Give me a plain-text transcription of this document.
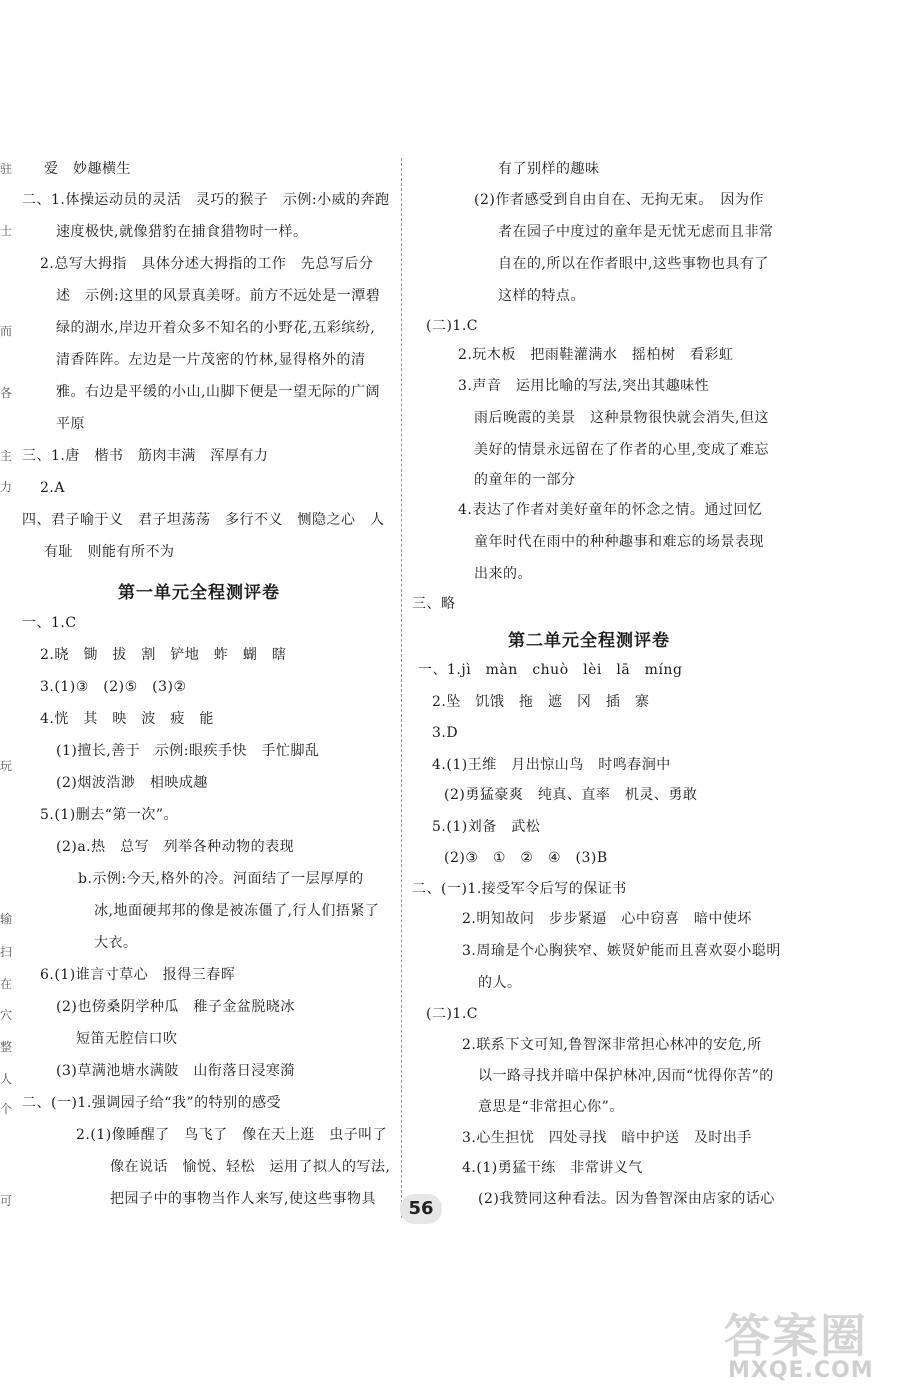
驻
士
而
各
主
力
玩
输
扫
在
穴
整
人
个
可
爱　妙趣横生
二、1.体操运动员的灵活　灵巧的猴子　示例:小威的奔跑
速度极快,就像猎豹在捕食猎物时一样。
2.总写大拇指　具体分述大拇指的工作　先总写后分
述　示例:这里的风景真美呀。前方不远处是一潭碧
绿的湖水,岸边开着众多不知名的小野花,五彩缤纷,
清香阵阵。左边是一片茂密的竹林,显得格外的清
雅。右边是平缓的小山,山脚下便是一望无际的广阔
平原
三、1.唐　楷书　筋肉丰满　浑厚有力
2.A
四、君子喻于义　君子坦荡荡　多行不义　恻隐之心　人
有耻　则能有所不为
第一单元全程测评卷
一、1.C
2.晓　锄　拔　割　铲地　蚱　蝴　瞎
3.(1)③　(2)⑤　(3)②
4.恍　其　映　波　疲　能
(1)擅长,善于　示例:眼疾手快　手忙脚乱
(2)烟波浩渺　相映成趣
5.(1)删去“第一次”。
(2)a.热　总写　列举各种动物的表现
b.示例:今天,格外的冷。河面结了一层厚厚的
冰,地面硬邦邦的像是被冻僵了,行人们捂紧了
大衣。
6.(1)谁言寸草心　报得三春晖
(2)也傍桑阴学种瓜　稚子金盆脱晓冰
短笛无腔信口吹
(3)草满池塘水满陂　山衔落日浸寒漪
二、(一)1.强调园子给“我”的特别的感受
2.(1)像睡醒了　鸟飞了　像在天上逛　虫子叫了
像在说话　愉悦、轻松　运用了拟人的写法,
把园子中的事物当作人来写,使这些事物具
有了别样的趣味
(2)作者感受到自由自在、无拘无束。　因为作
者在园子中度过的童年是无忧无虑而且非常
自在的,所以在作者眼中,这些事物也具有了
这样的特点。
(二)1.C
2.玩木板　把雨鞋灌满水　摇柏树　看彩虹
3.声音　运用比喻的写法,突出其趣味性
雨后晚霞的美景　这种景物很快就会消失,但这
美好的情景永远留在了作者的心里,变成了难忘
的童年的一部分
4.表达了作者对美好童年的怀念之情。通过回忆
童年时代在雨中的种种趣事和难忘的场景表现
出来的。
三、略
第二单元全程测评卷
一、1.jì　màn　chuò　lèi　lā　míng
2.坠　饥饿　拖　遮　冈　插　寨
3.D
4.(1)王维　月出惊山鸟　时鸣春涧中
(2)勇猛豪爽　纯真、直率　机灵、勇敢
5.(1)刘备　武松
(2)③　①　②　④　(3)B
二、(一)1.接受军令后写的保证书
2.明知故问　步步紧逼　心中窃喜　暗中使坏
3.周瑜是个心胸狭窄、嫉贤妒能而且喜欢耍小聪明
的人。
(二)1.C
2.联系下文可知,鲁智深非常担心林冲的安危,所
以一路寻找并暗中保护林冲,因而“忧得你苦”的
意思是“非常担心你”。
3.心生担忧　四处寻找　暗中护送　及时出手
4.(1)勇猛干练　非常讲义气
(2)我赞同这种看法。因为鲁智深由店家的话心
56
答案圈
MXQE.COM
